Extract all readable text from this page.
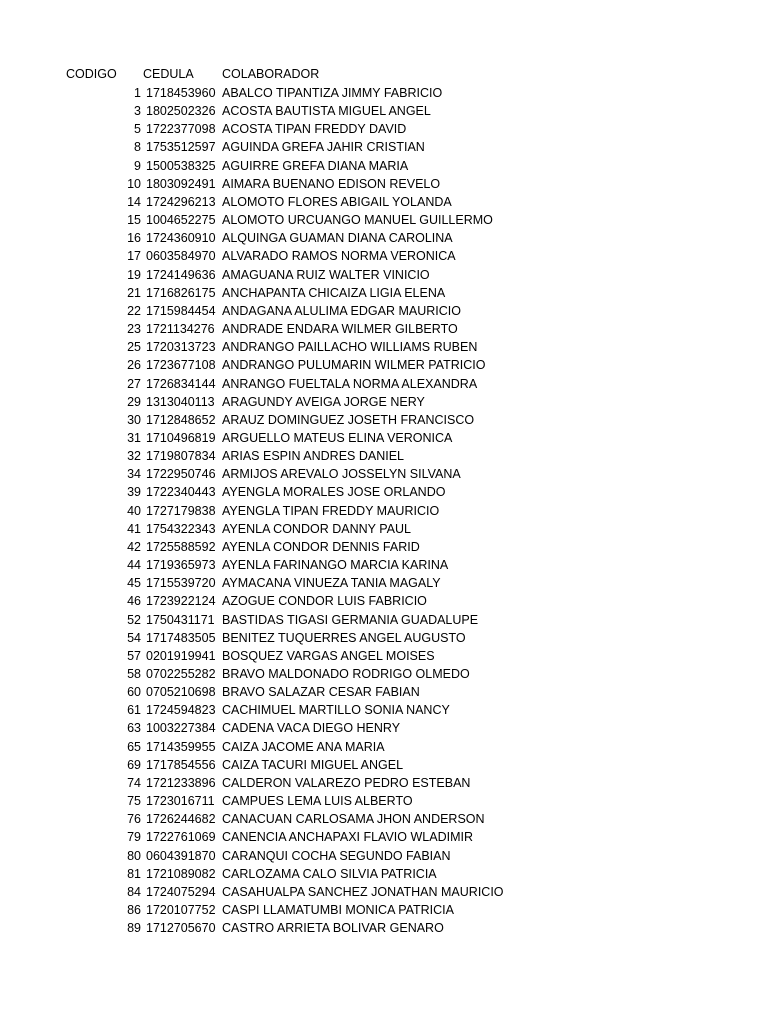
CODIGO CEDULA COLABORADOR
1 1718453960 ABALCO TIPANTIZA JIMMY FABRICIO
3 1802502326 ACOSTA BAUTISTA MIGUEL ANGEL
5 1722377098 ACOSTA TIPAN FREDDY DAVID
8 1753512597 AGUINDA GREFA JAHIR CRISTIAN
9 1500538325 AGUIRRE GREFA DIANA MARIA
10 1803092491 AIMARA BUENANO EDISON REVELO
14 1724296213 ALOMOTO FLORES ABIGAIL YOLANDA
15 1004652275 ALOMOTO URCUANGO MANUEL GUILLERMO
16 1724360910 ALQUINGA GUAMAN DIANA CAROLINA
17 0603584970 ALVARADO RAMOS NORMA VERONICA
19 1724149636 AMAGUANA RUIZ WALTER VINICIO
21 1716826175 ANCHAPANTA CHICAIZA LIGIA ELENA
22 1715984454 ANDAGANA ALULIMA EDGAR MAURICIO
23 1721134276 ANDRADE ENDARA WILMER GILBERTO
25 1720313723 ANDRANGO PAILLACHO WILLIAMS RUBEN
26 1723677108 ANDRANGO PULUMARIN WILMER PATRICIO
27 1726834144 ANRANGO FUELTALA NORMA ALEXANDRA
29 1313040113 ARAGUNDY AVEIGA JORGE NERY
30 1712848652 ARAUZ DOMINGUEZ JOSETH FRANCISCO
31 1710496819 ARGUELLO MATEUS ELINA VERONICA
32 1719807834 ARIAS ESPIN ANDRES DANIEL
34 1722950746 ARMIJOS AREVALO JOSSELYN SILVANA
39 1722340443 AYENGLA MORALES JOSE ORLANDO
40 1727179838 AYENGLA TIPAN FREDDY MAURICIO
41 1754322343 AYENLA CONDOR DANNY PAUL
42 1725588592 AYENLA CONDOR DENNIS FARID
44 1719365973 AYENLA FARINANGO MARCIA KARINA
45 1715539720 AYMACANA VINUEZA TANIA MAGALY
46 1723922124 AZOGUE CONDOR LUIS FABRICIO
52 1750431171 BASTIDAS TIGASI GERMANIA GUADALUPE
54 1717483505 BENITEZ TUQUERRES ANGEL AUGUSTO
57 0201919941 BOSQUEZ VARGAS ANGEL MOISES
58 0702255282 BRAVO MALDONADO RODRIGO OLMEDO
60 0705210698 BRAVO SALAZAR CESAR FABIAN
61 1724594823 CACHIMUEL MARTILLO SONIA NANCY
63 1003227384 CADENA VACA DIEGO HENRY
65 1714359955 CAIZA JACOME ANA MARIA
69 1717854556 CAIZA TACURI MIGUEL ANGEL
74 1721233896 CALDERON VALAREZO PEDRO ESTEBAN
75 1723016711 CAMPUES LEMA LUIS ALBERTO
76 1726244682 CANACUAN CARLOSAMA JHON ANDERSON
79 1722761069 CANENCIA ANCHAPAXI FLAVIO WLADIMIR
80 0604391870 CARANQUI COCHA SEGUNDO FABIAN
81 1721089082 CARLOZAMA CALO SILVIA PATRICIA
84 1724075294 CASAHUALPA SANCHEZ JONATHAN MAURICIO
86 1720107752 CASPI LLAMATUMBI MONICA PATRICIA
89 1712705670 CASTRO ARRIETA BOLIVAR GENARO
